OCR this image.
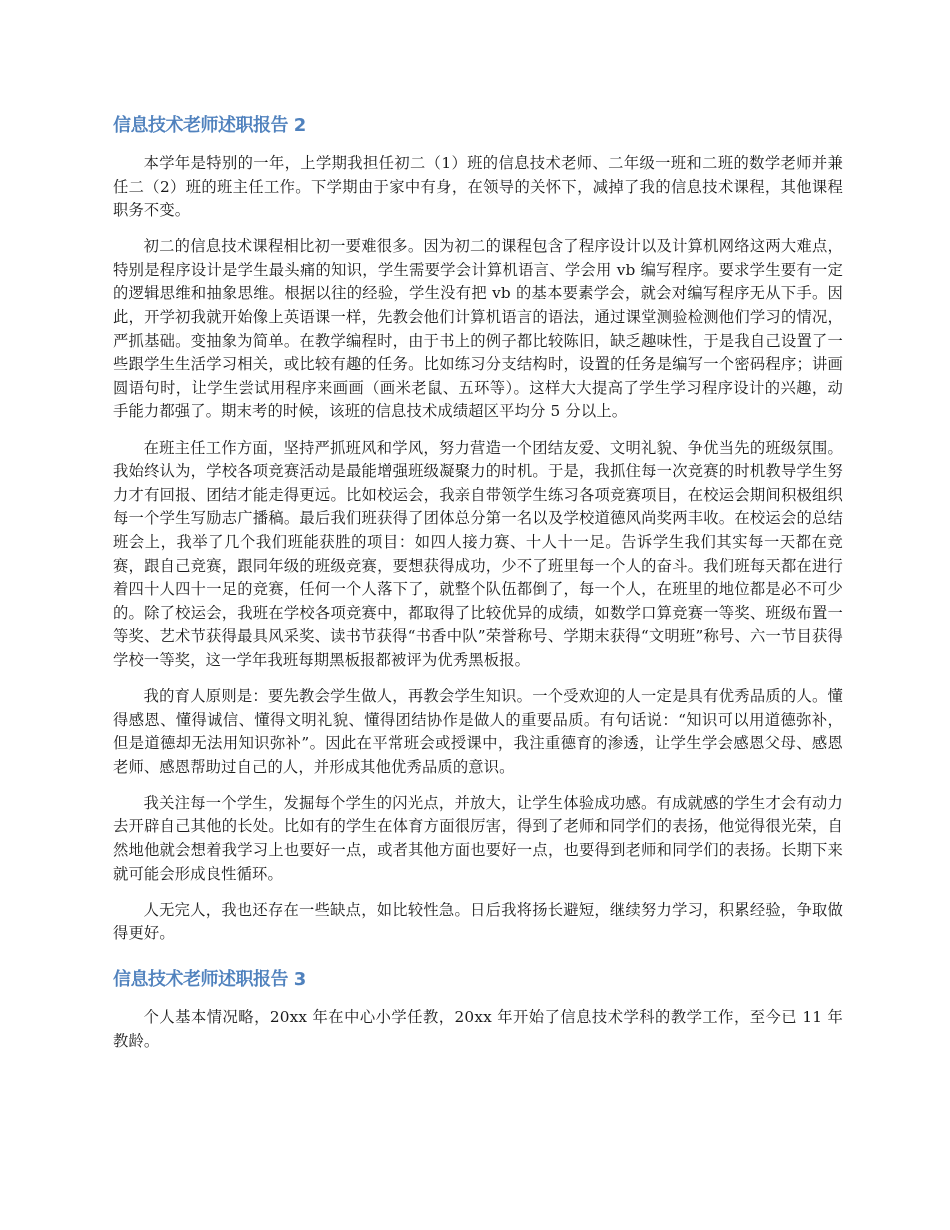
信息技术老师述职报告 2

本学年是特别的一年，上学期我担任初二（1）班的信息技术老师、二年级一班和二班的数学老师并兼任二（2）班的班主任工作。下学期由于家中有身，在领导的关怀下，减掉了我的信息技术课程，其他课程职务不变。

初二的信息技术课程相比初一要难很多。因为初二的课程包含了程序设计以及计算机网络这两大难点，特别是程序设计是学生最头痛的知识，学生需要学会计算机语言、学会用 vb 编写程序。要求学生要有一定的逻辑思维和抽象思维。根据以往的经验，学生没有把 vb 的基本要素学会，就会对编写程序无从下手。因此，开学初我就开始像上英语课一样，先教会他们计算机语言的语法，通过课堂测验检测他们学习的情况，严抓基础。变抽象为简单。在教学编程时，由于书上的例子都比较陈旧，缺乏趣味性，于是我自己设置了一些跟学生生活学习相关，或比较有趣的任务。比如练习分支结构时，设置的任务是编写一个密码程序；讲画圆语句时，让学生尝试用程序来画画（画米老鼠、五环等）。这样大大提高了学生学习程序设计的兴趣，动手能力都强了。期末考的时候，该班的信息技术成绩超区平均分 5 分以上。

在班主任工作方面，坚持严抓班风和学风，努力营造一个团结友爱、文明礼貌、争优当先的班级氛围。我始终认为，学校各项竞赛活动是最能增强班级凝聚力的时机。于是，我抓住每一次竞赛的时机教导学生努力才有回报、团结才能走得更远。比如校运会，我亲自带领学生练习各项竞赛项目，在校运会期间积极组织每一个学生写励志广播稿。最后我们班获得了团体总分第一名以及学校道德风尚奖两丰收。在校运会的总结班会上，我举了几个我们班能获胜的项目：如四人接力赛、十人十一足。告诉学生我们其实每一天都在竞赛，跟自己竞赛，跟同年级的班级竞赛，要想获得成功，少不了班里每一个人的奋斗。我们班每天都在进行着四十人四十一足的竞赛，任何一个人落下了，就整个队伍都倒了，每一个人，在班里的地位都是必不可少的。除了校运会，我班在学校各项竞赛中，都取得了比较优异的成绩，如数学口算竞赛一等奖、班级布置一等奖、艺术节获得最具风采奖、读书节获得“书香中队”荣誉称号、学期末获得“文明班”称号、六一节目获得学校一等奖，这一学年我班每期黑板报都被评为优秀黑板报。

我的育人原则是：要先教会学生做人，再教会学生知识。一个受欢迎的人一定是具有优秀品质的人。懂得感恩、懂得诚信、懂得文明礼貌、懂得团结协作是做人的重要品质。有句话说：“知识可以用道德弥补，但是道德却无法用知识弥补”。因此在平常班会或授课中，我注重德育的渗透，让学生学会感恩父母、感恩老师、感恩帮助过自己的人，并形成其他优秀品质的意识。

我关注每一个学生，发掘每个学生的闪光点，并放大，让学生体验成功感。有成就感的学生才会有动力去开辟自己其他的长处。比如有的学生在体育方面很厉害，得到了老师和同学们的表扬，他觉得很光荣，自然地他就会想着我学习上也要好一点，或者其他方面也要好一点，也要得到老师和同学们的表扬。长期下来就可能会形成良性循环。

人无完人，我也还存在一些缺点，如比较性急。日后我将扬长避短，继续努力学习，积累经验，争取做得更好。

信息技术老师述职报告 3

个人基本情况略，20xx 年在中心小学任教，20xx 年开始了信息技术学科的教学工作，至今已 11 年教龄。
